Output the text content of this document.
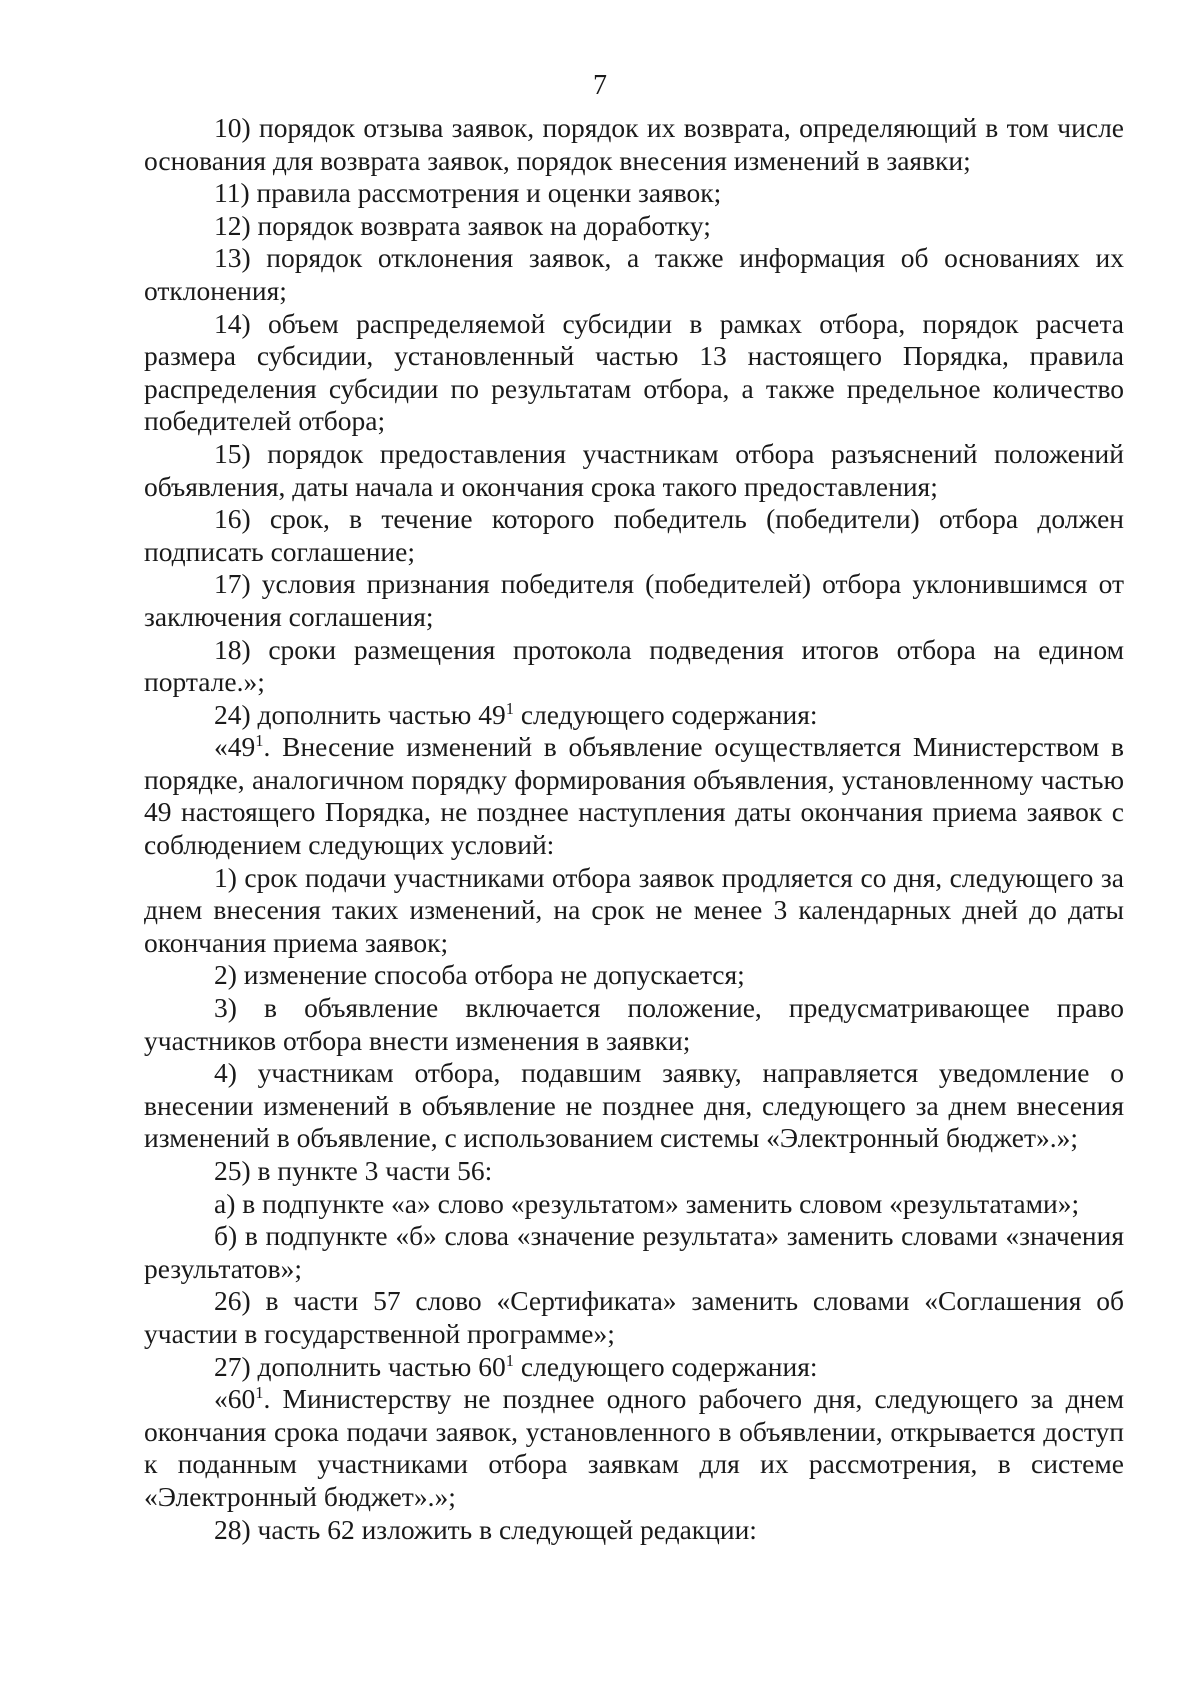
7

10) порядок отзыва заявок, порядок их возврата, определяющий в том числе основания для возврата заявок, порядок внесения изменений в заявки;

11) правила рассмотрения и оценки заявок;

12) порядок возврата заявок на доработку;

13) порядок отклонения заявок, а также информация об основаниях их отклонения;

14) объем распределяемой субсидии в рамках отбора, порядок расчета размера субсидии, установленный частью 13 настоящего Порядка, правила распределения субсидии по результатам отбора, а также предельное количество победителей отбора;

15) порядок предоставления участникам отбора разъяснений положений объявления, даты начала и окончания срока такого предоставления;

16) срок, в течение которого победитель (победители) отбора должен подписать соглашение;

17) условия признания победителя (победителей) отбора уклонившимся от заключения соглашения;

18) сроки размещения протокола подведения итогов отбора на едином портале.»;

24) дополнить частью $49^1$ следующего содержания:

«$49^1$. Внесение изменений в объявление осуществляется Министерством в порядке, аналогичном порядку формирования объявления, установленному частью 49 настоящего Порядка, не позднее наступления даты окончания приема заявок с соблюдением следующих условий:

1) срок подачи участниками отбора заявок продляется со дня, следующего за днем внесения таких изменений, на срок не менее 3 календарных дней до даты окончания приема заявок;

2) изменение способа отбора не допускается;

3) в объявление включается положение, предусматривающее право участников отбора внести изменения в заявки;

4) участникам отбора, подавшим заявку, направляется уведомление о внесении изменений в объявление не позднее дня, следующего за днем внесения изменений в объявление, с использованием системы «Электронный бюджет».»;

25) в пункте 3 части 56:

а) в подпункте «а» слово «результатом» заменить словом «результатами»;

б) в подпункте «б» слова «значение результата» заменить словами «значения результатов»;

26) в части 57 слово «Сертификата» заменить словами «Соглашения об участии в государственной программе»;

27) дополнить частью $60^1$ следующего содержания:

«$60^1$. Министерству не позднее одного рабочего дня, следующего за днем окончания срока подачи заявок, установленного в объявлении, открывается доступ к поданным участниками отбора заявкам для их рассмотрения, в системе «Электронный бюджет».»;

28) часть 62 изложить в следующей редакции:
